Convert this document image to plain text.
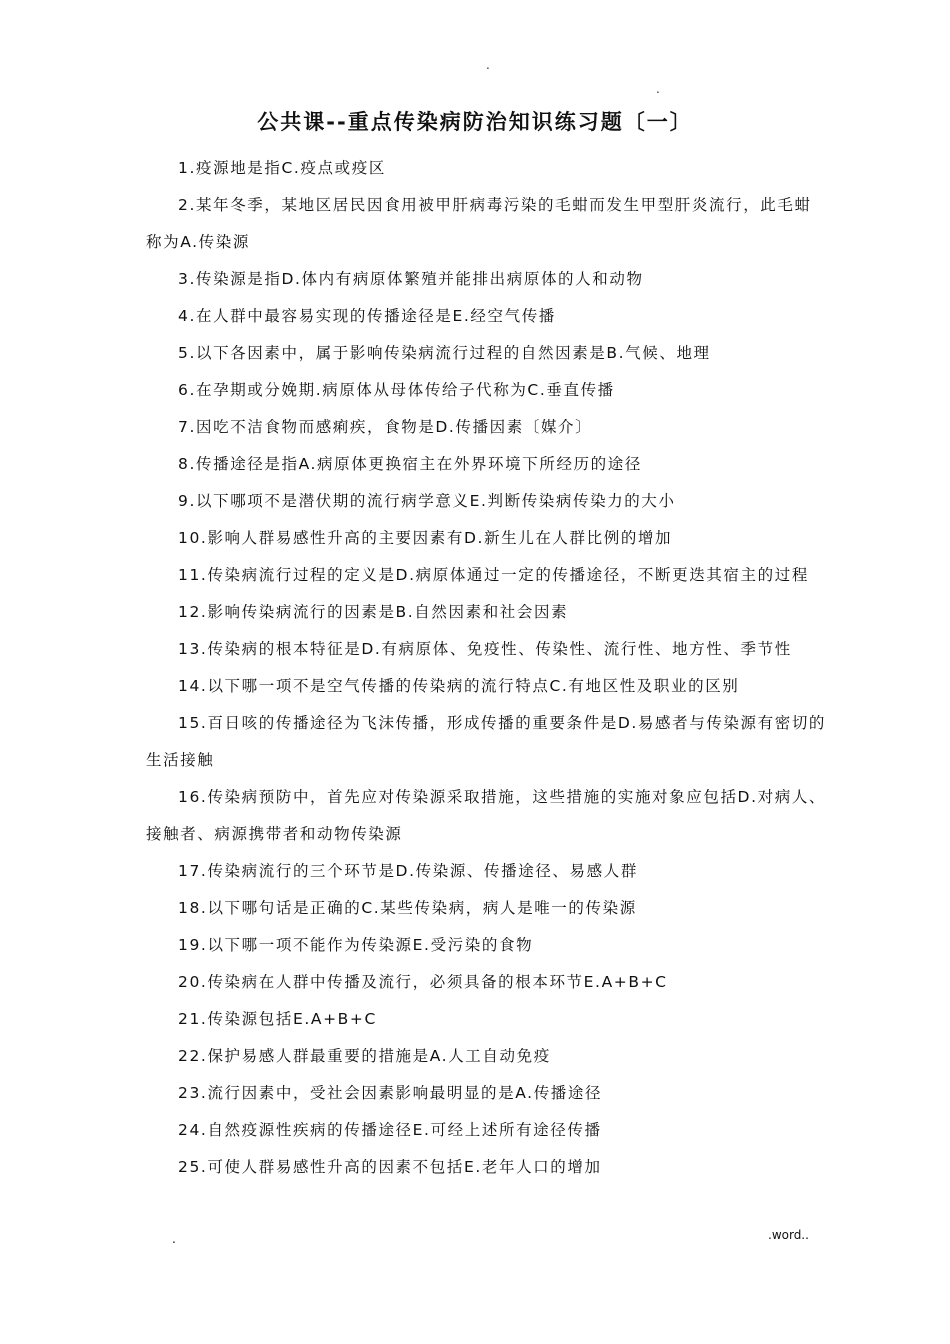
.
.
公共课--重点传染病防治知识练习题〔一〕
1.疫源地是指C.疫点或疫区
2.某年冬季，某地区居民因食用被甲肝病毒污染的毛蚶而发生甲型肝炎流行，此毛蚶称为A.传染源
3.传染源是指D.体内有病原体繁殖并能排出病原体的人和动物
4.在人群中最容易实现的传播途径是E.经空气传播
5.以下各因素中，属于影响传染病流行过程的自然因素是B.气候、地理
6.在孕期或分娩期.病原体从母体传给子代称为C.垂直传播
7.因吃不洁食物而感痢疾，食物是D.传播因素〔媒介〕
8.传播途径是指A.病原体更换宿主在外界环境下所经历的途径
9.以下哪项不是潜伏期的流行病学意义E.判断传染病传染力的大小
10.影响人群易感性升高的主要因素有D.新生儿在人群比例的增加
11.传染病流行过程的定义是D.病原体通过一定的传播途径，不断更迭其宿主的过程
12.影响传染病流行的因素是B.自然因素和社会因素
13.传染病的根本特征是D.有病原体、免疫性、传染性、流行性、地方性、季节性
14.以下哪一项不是空气传播的传染病的流行特点C.有地区性及职业的区别
15.百日咳的传播途径为飞沫传播，形成传播的重要条件是D.易感者与传染源有密切的生活接触
16.传染病预防中，首先应对传染源采取措施，这些措施的实施对象应包括D.对病人、接触者、病源携带者和动物传染源
17.传染病流行的三个环节是D.传染源、传播途径、易感人群
18.以下哪句话是正确的C.某些传染病，病人是唯一的传染源
19.以下哪一项不能作为传染源E.受污染的食物
20.传染病在人群中传播及流行，必须具备的根本环节E.A+B+C
21.传染源包括E.A+B+C
22.保护易感人群最重要的措施是A.人工自动免疫
23.流行因素中，受社会因素影响最明显的是A.传播途径
24.自然疫源性疾病的传播途径E.可经上述所有途径传播
25.可使人群易感性升高的因素不包括E.老年人口的增加
.	.word..
